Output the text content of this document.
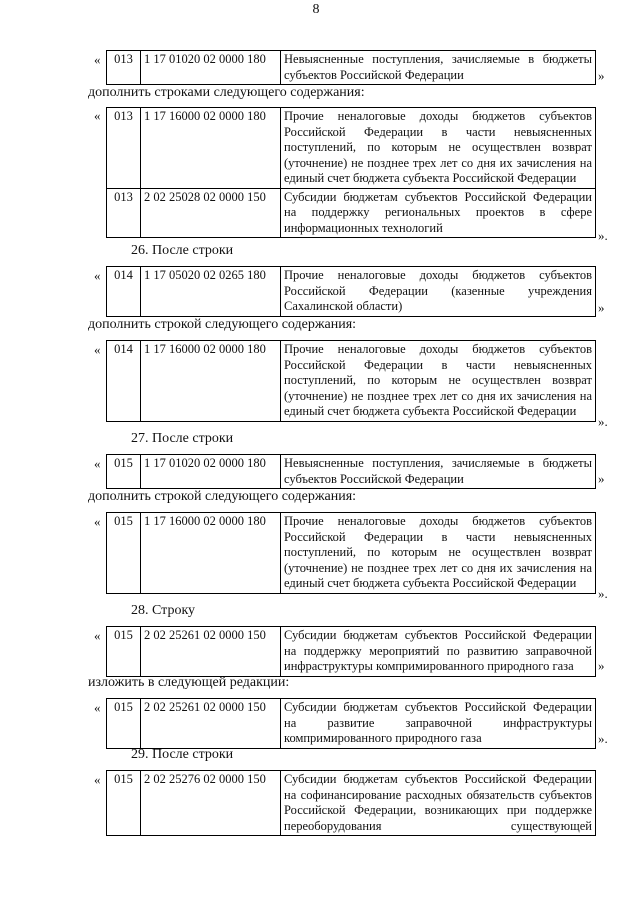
8
« 013	1 17 01020 02 0000 180	Невыясненные поступления, зачисляемые в бюджеты субъектов Российской Федерации	»
дополнить строками следующего содержания:
« 013	1 17 16000 02 0000 180	Прочие неналоговые доходы бюджетов субъектов Российской Федерации в части невыясненных поступлений, по которым не осуществлен возврат (уточнение) не позднее трех лет со дня их зачисления на единый счет бюджета субъекта Российской Федерации
013	2 02 25028 02 0000 150	Субсидии бюджетам субъектов Российской Федерации на поддержку региональных проектов в сфере информационных технологий
».
26. После строки
« 014	1 17 05020 02 0265 180	Прочие неналоговые доходы бюджетов субъектов Российской Федерации (казенные учреждения Сахалинской области)	»
дополнить строкой следующего содержания:
« 014	1 17 16000 02 0000 180	Прочие неналоговые доходы бюджетов субъектов Российской Федерации в части невыясненных поступлений, по которым не осуществлен возврат (уточнение) не позднее трех лет со дня их зачисления на единый счет бюджета субъекта Российской Федерации
».
27. После строки
« 015	1 17 01020 02 0000 180	Невыясненные поступления, зачисляемые в бюджеты субъектов Российской Федерации	»
дополнить строкой следующего содержания:
« 015	1 17 16000 02 0000 180	Прочие неналоговые доходы бюджетов субъектов Российской Федерации в части невыясненных поступлений, по которым не осуществлен возврат (уточнение) не позднее трех лет со дня их зачисления на единый счет бюджета субъекта Российской Федерации
».
28. Строку
« 015	2 02 25261 02 0000 150	Субсидии бюджетам субъектов Российской Федерации на поддержку мероприятий по развитию заправочной инфраструктуры компримированного природного газа »
изложить в следующей редакции:
« 015	2 02 25261 02 0000 150	Субсидии бюджетам субъектов Российской Федерации на развитие заправочной инфраструктуры компримированного природного газа	».
29. После строки
« 015	2 02 25276 02 0000 150	Субсидии бюджетам субъектов Российской Федерации на софинансирование расходных обязательств субъектов Российской Федерации, возникающих при поддержке переоборудования существующей
